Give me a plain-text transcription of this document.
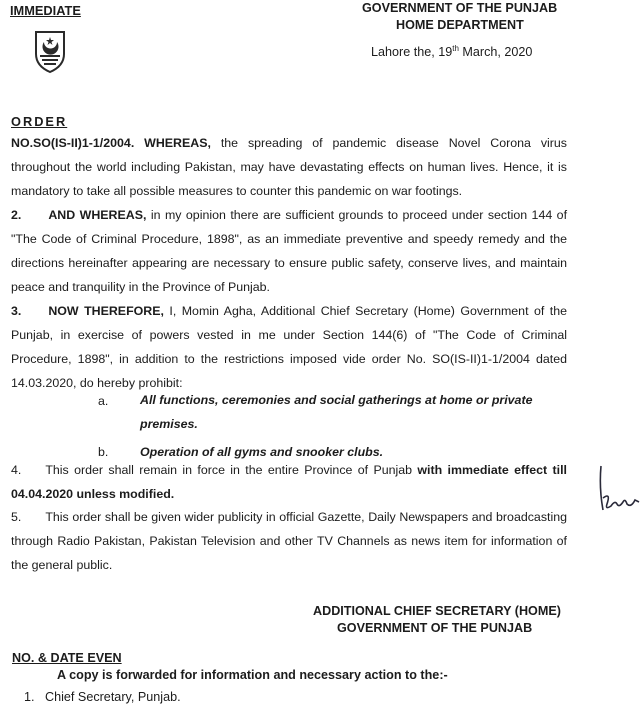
IMMEDIATE	GOVERNMENT OF THE PUNJAB
HOME DEPARTMENT
Lahore the, 19th March, 2020
ORDER
NO.SO(IS-II)1-1/2004. WHEREAS, the spreading of pandemic disease Novel Corona virus throughout the world including Pakistan, may have devastating effects on human lives. Hence, it is mandatory to take all possible measures to counter this pandemic on war footings.
2. AND WHEREAS, in my opinion there are sufficient grounds to proceed under section 144 of "The Code of Criminal Procedure, 1898", as an immediate preventive and speedy remedy and the directions hereinafter appearing are necessary to ensure public safety, conserve lives, and maintain peace and tranquility in the Province of Punjab.
3. NOW THEREFORE, I, Momin Agha, Additional Chief Secretary (Home) Government of the Punjab, in exercise of powers vested in me under Section 144(6) of "The Code of Criminal Procedure, 1898", in addition to the restrictions imposed vide order No. SO(IS-II)1-1/2004 dated 14.03.2020, do hereby prohibit:
a.	All functions, ceremonies and social gatherings at home or private premises.
b.	Operation of all gyms and snooker clubs.
4. This order shall remain in force in the entire Province of Punjab with immediate effect till 04.04.2020 unless modified.
5. This order shall be given wider publicity in official Gazette, Daily Newspapers and broadcasting through Radio Pakistan, Pakistan Television and other TV Channels as news item for information of the general public.
ADDITIONAL CHIEF SECRETARY (HOME)
GOVERNMENT OF THE PUNJAB
NO. & DATE EVEN
A copy is forwarded for information and necessary action to the:-
1. Chief Secretary, Punjab.
